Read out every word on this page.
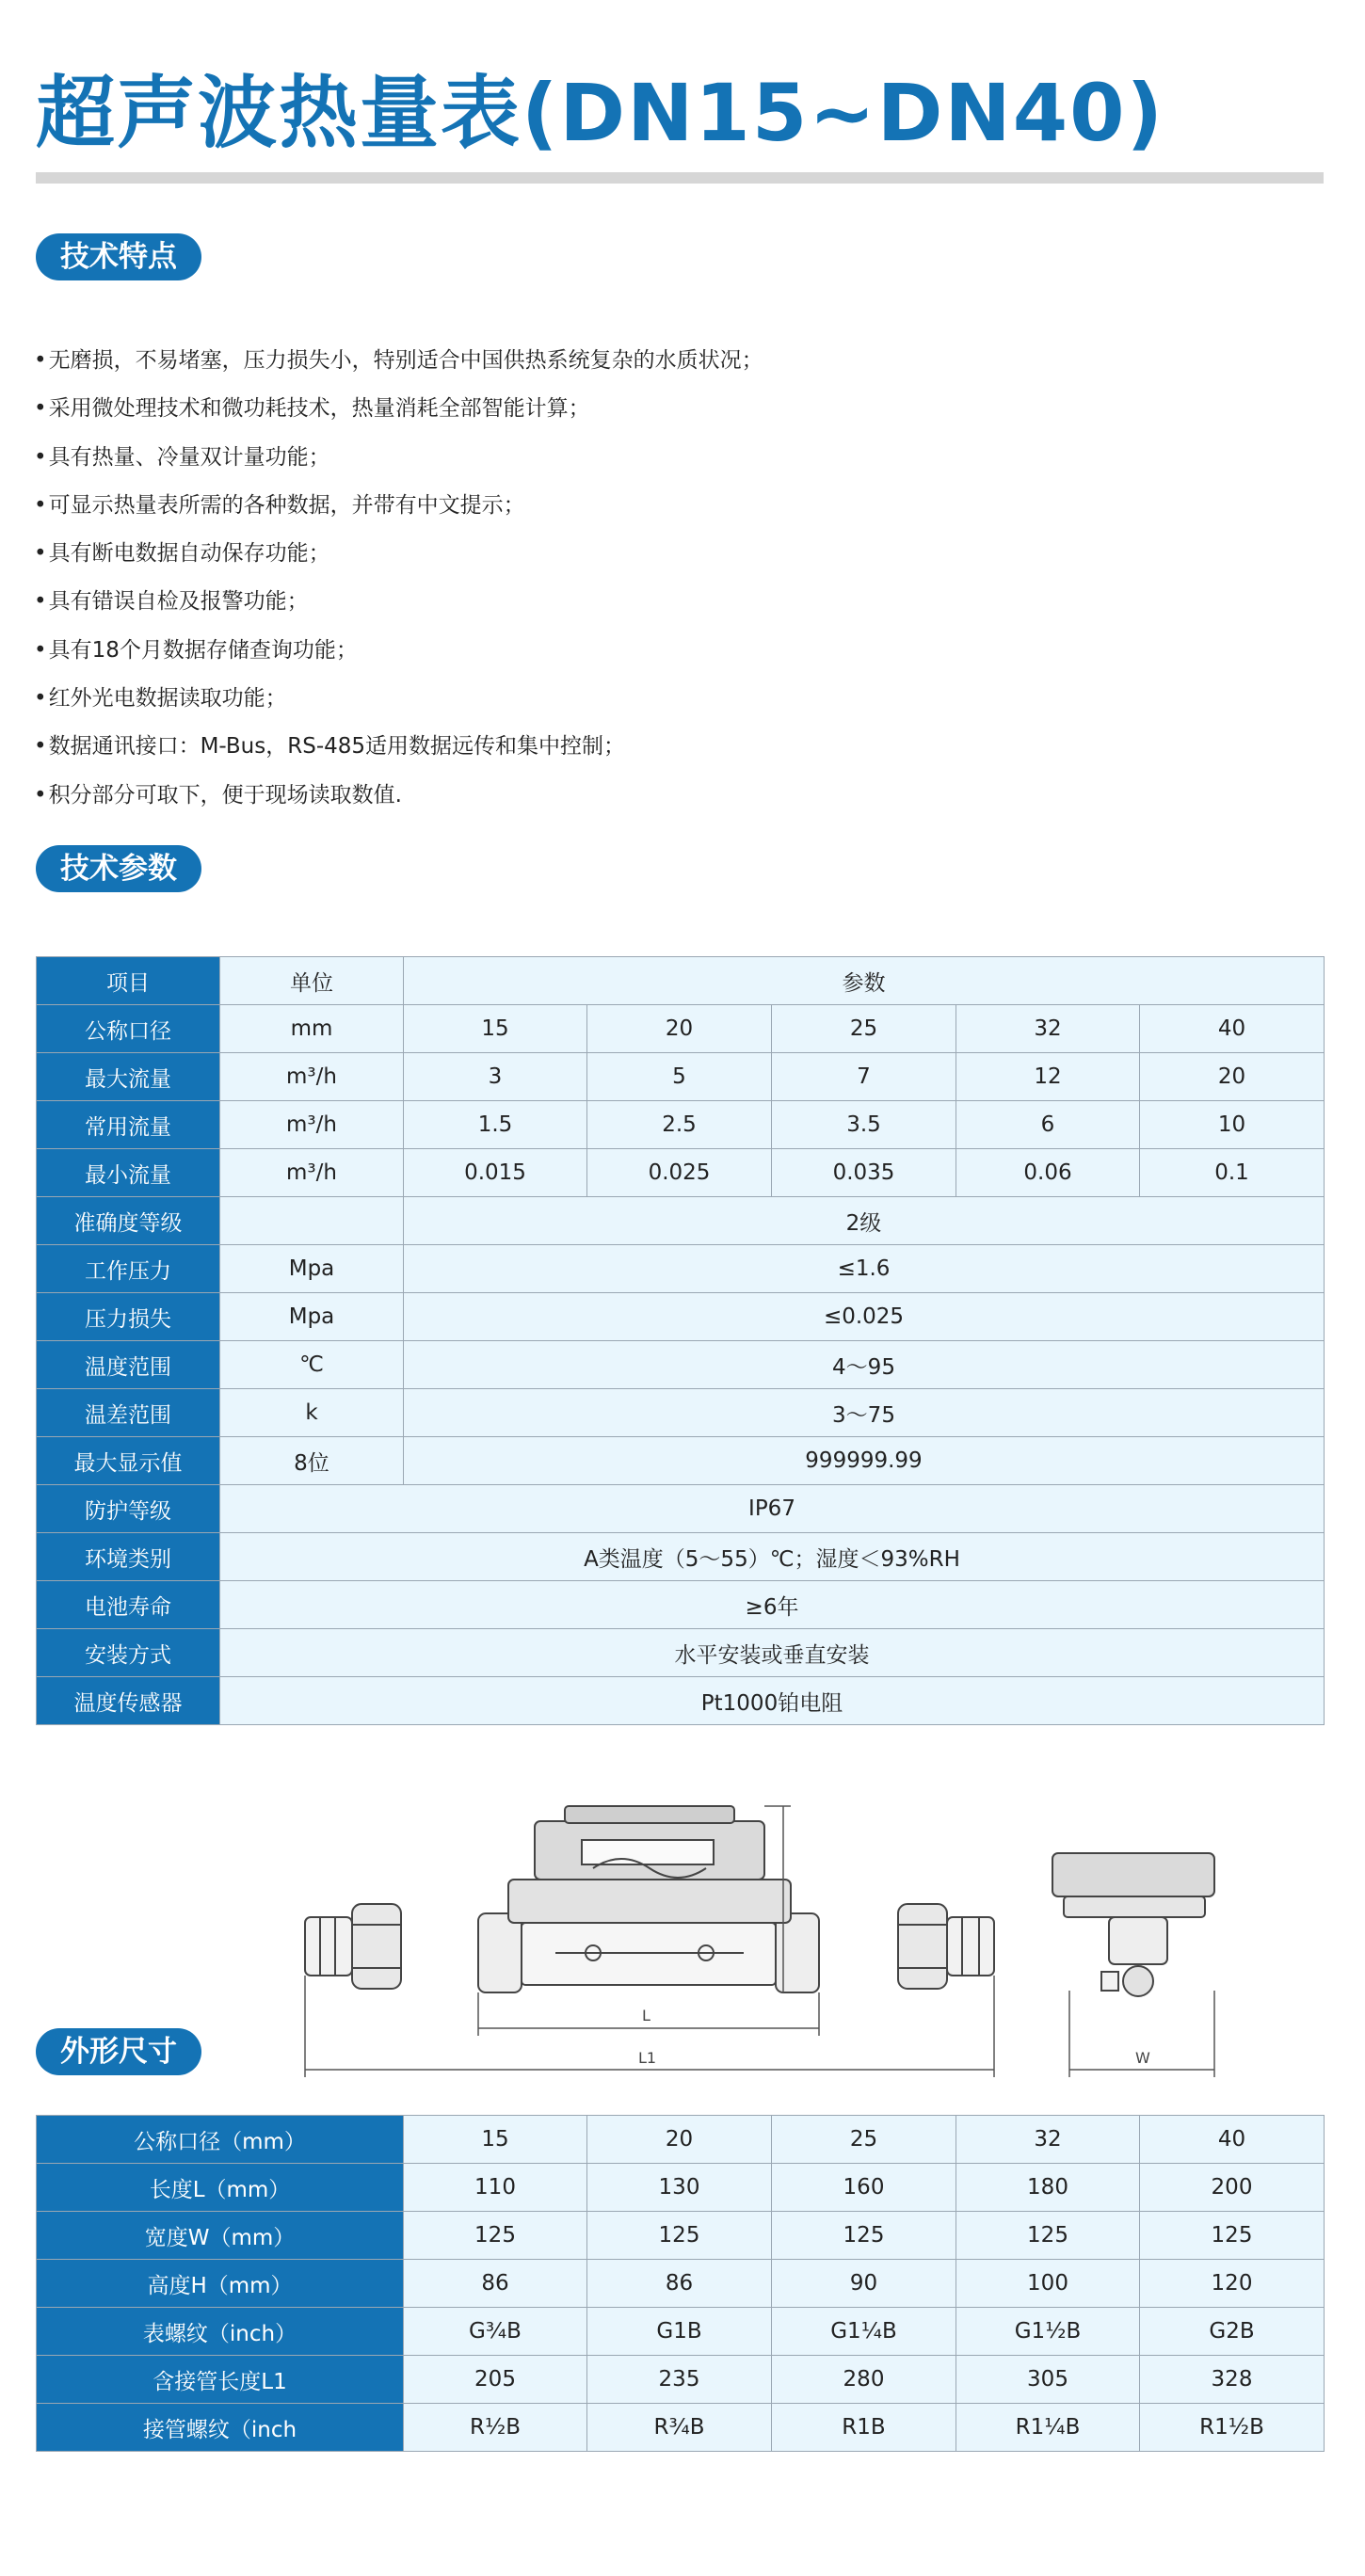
超声波热量表(DN15~DN40)
技术特点
• 无磨损，不易堵塞，压力损失小，特别适合中国供热系统复杂的水质状况；
• 采用微处理技术和微功耗技术，热量消耗全部智能计算；
• 具有热量、冷量双计量功能；
• 可显示热量表所需的各种数据，并带有中文提示；
• 具有断电数据自动保存功能；
• 具有错误自检及报警功能；
• 具有18个月数据存储查询功能；
• 红外光电数据读取功能；
• 数据通讯接口：M-Bus，RS-485适用数据远传和集中控制；
• 积分部分可取下，便于现场读取数值.
技术参数
项目	单位	参数				
公称口径	mm	15	20	25	32	40
最大流量	m³/h	3	5	7	12	20
常用流量	m³/h	1.5	2.5	3.5	6	10
最小流量	m³/h	0.015	0.025	0.035	0.06	0.1
准确度等级		2级				
工作压力	Mpa	≤1.6				
压力损失	Mpa	≤0.025				
温度范围	℃	4～95				
温差范围	k	3～75				
最大显示值	8位	999999.99				
防护等级	IP67					
环境类别	A类温度（5～55）℃；湿度＜93%RH					
电池寿命	≥6年					
安装方式	水平安装或垂直安装					
温度传感器	Pt1000铂电阻					
L
L1	W
外形尺寸
公称口径（mm）	15	20	25	32	40
长度L（mm）	110	130	160	180	200
宽度W（mm）	125	125	125	125	125
高度H（mm）	86	86	90	100	120
表螺纹（inch）	G¾B	G1B	G1¼B	G1½B	G2B
含接管长度L1	205	235	280	305	328
接管螺纹（inch	R½B	R¾B	R1B	R1¼B	R1½B
